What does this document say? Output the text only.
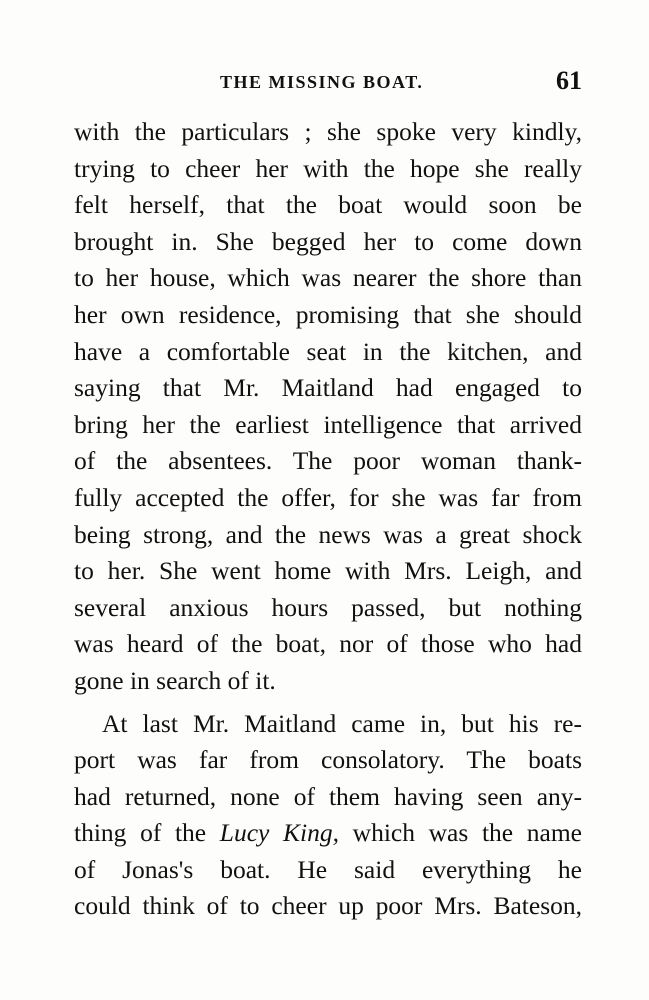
THE MISSING BOAT.	61
with the particulars ; she spoke very kindly,
trying to cheer her with the hope she really
felt herself, that the boat would soon be
brought in. She begged her to come down
to her house, which was nearer the shore than
her own residence, promising that she should
have a comfortable seat in the kitchen, and
saying that Mr. Maitland had engaged to
bring her the earliest intelligence that arrived
of the absentees. The poor woman thank-
fully accepted the offer, for she was far from
being strong, and the news was a great shock
to her. She went home with Mrs. Leigh, and
several anxious hours passed, but nothing
was heard of the boat, nor of those who had
gone in search of it.
At last Mr. Maitland came in, but his re-
port was far from consolatory. The boats
had returned, none of them having seen any-
thing of the Lucy King, which was the name
of Jonas's boat. He said everything he
could think of to cheer up poor Mrs. Bateson,
